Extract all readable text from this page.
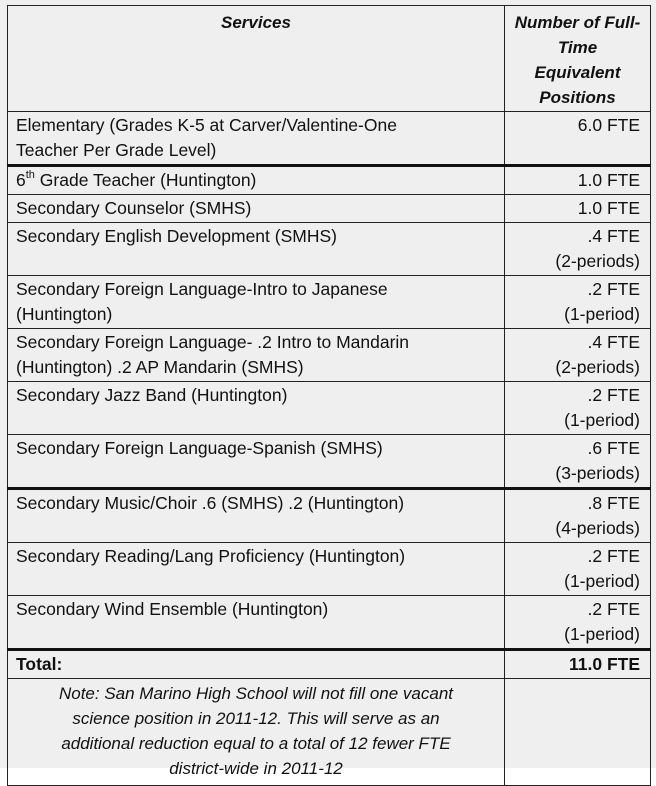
Services	Number of Full-Time Equivalent Positions

Elementary (Grades K-5 at Carver/Valentine-One
Teacher Per Grade Level)	6.0 FTE

6th Grade Teacher (Huntington)	1.0 FTE

Secondary Counselor (SMHS)	1.0 FTE
Secondary English Development (SMHS)	.4 FTE
(2-periods)

Secondary Foreign Language-Intro to Japanese
(Huntington)	.2 FTE
(1-period)

Secondary Foreign Language- .2 Intro to Mandarin
(Huntington) .2 AP Mandarin (SMHS)	.4 FTE
(2-periods)

Secondary Jazz Band (Huntington)	.2 FTE
(1-period)

Secondary Foreign Language-Spanish (SMHS)	.6 FTE
(3-periods)

Secondary Music/Choir .6 (SMHS) .2 (Huntington)	.8 FTE
(4-periods)

Secondary Reading/Lang Proficiency (Huntington)	.2 FTE
(1-period)

Secondary Wind Ensemble (Huntington)	.2 FTE
(1-period)

Total:	11.0 FTE

Note: San Marino High School will not fill one vacant
science position in 2011-12. This will serve as an
additional reduction equal to a total of 12 fewer FTE
district-wide in 2011-12	
